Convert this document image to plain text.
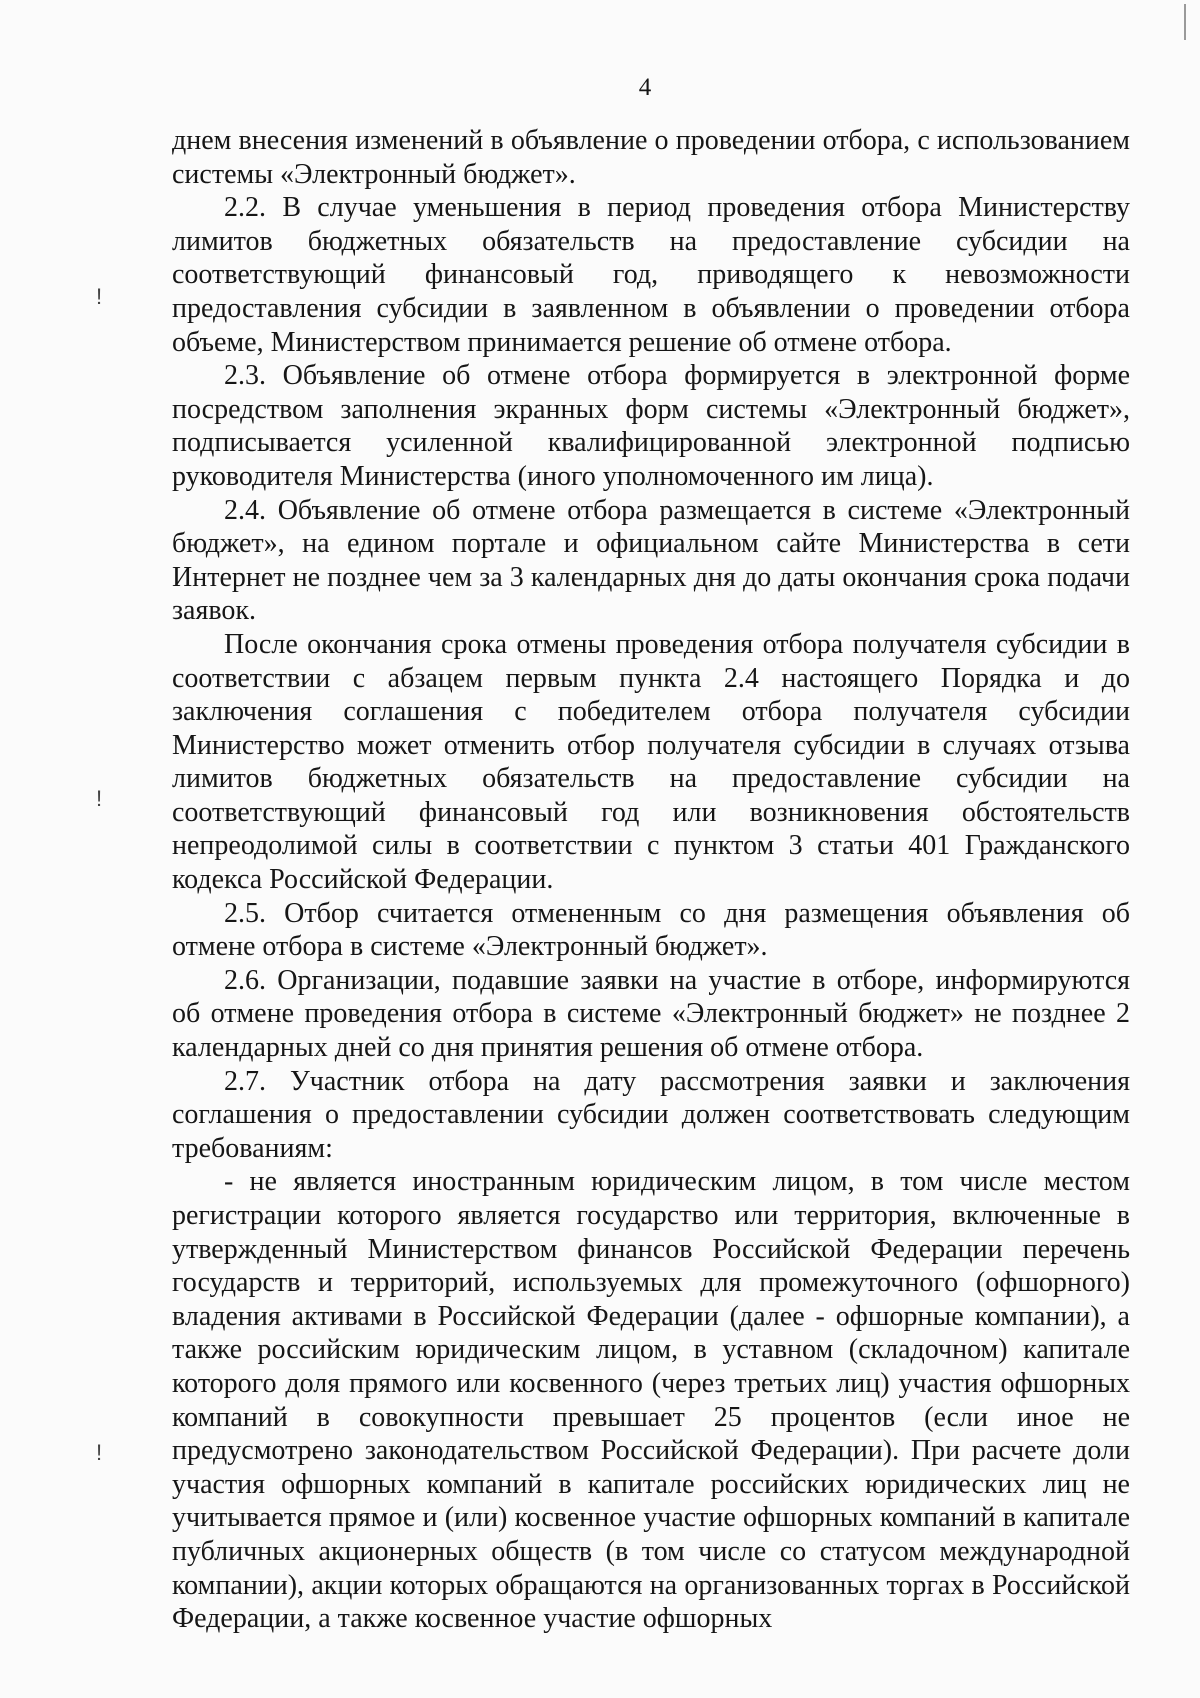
4
!
!
!

днем внесения изменений в объявление о проведении отбора, с использованием системы «Электронный бюджет».

2.2. В случае уменьшения в период проведения отбора Министерству лимитов бюджетных обязательств на предоставление субсидии на соответствующий финансовый год, приводящего к невозможности предоставления субсидии в заявленном в объявлении о проведении отбора объеме, Министерством принимается решение об отмене отбора.

2.3. Объявление об отмене отбора формируется в электронной форме посредством заполнения экранных форм системы «Электронный бюджет», подписывается усиленной квалифицированной электронной подписью руководителя Министерства (иного уполномоченного им лица).

2.4. Объявление об отмене отбора размещается в системе «Электронный бюджет», на едином портале и официальном сайте Министерства в сети Интернет не позднее чем за 3 календарных дня до даты окончания срока подачи заявок.

После окончания срока отмены проведения отбора получателя субсидии в соответствии с абзацем первым пункта 2.4 настоящего Порядка и до заключения соглашения с победителем отбора получателя субсидии Министерство может отменить отбор получателя субсидии в случаях отзыва лимитов бюджетных обязательств на предоставление субсидии на соответствующий финансовый год или возникновения обстоятельств непреодолимой силы в соответствии с пунктом 3 статьи 401 Гражданского кодекса Российской Федерации.

2.5. Отбор считается отмененным со дня размещения объявления об отмене отбора в системе «Электронный бюджет».

2.6. Организации, подавшие заявки на участие в отборе, информируются об отмене проведения отбора в системе «Электронный бюджет» не позднее 2 календарных дней со дня принятия решения об отмене отбора.

2.7. Участник отбора на дату рассмотрения заявки и заключения соглашения о предоставлении субсидии должен соответствовать следующим требованиям:

- не является иностранным юридическим лицом, в том числе местом регистрации которого является государство или территория, включенные в утвержденный Министерством финансов Российской Федерации перечень государств и территорий, используемых для промежуточного (офшорного) владения активами в Российской Федерации (далее - офшорные компании), а также российским юридическим лицом, в уставном (складочном) капитале которого доля прямого или косвенного (через третьих лиц) участия офшорных компаний в совокупности превышает 25 процентов (если иное не предусмотрено законодательством Российской Федерации). При расчете доли участия офшорных компаний в капитале российских юридических лиц не учитывается прямое и (или) косвенное участие офшорных компаний в капитале публичных акционерных обществ (в том числе со статусом международной компании), акции которых обращаются на организованных торгах в Российской Федерации, а также косвенное участие офшорных
